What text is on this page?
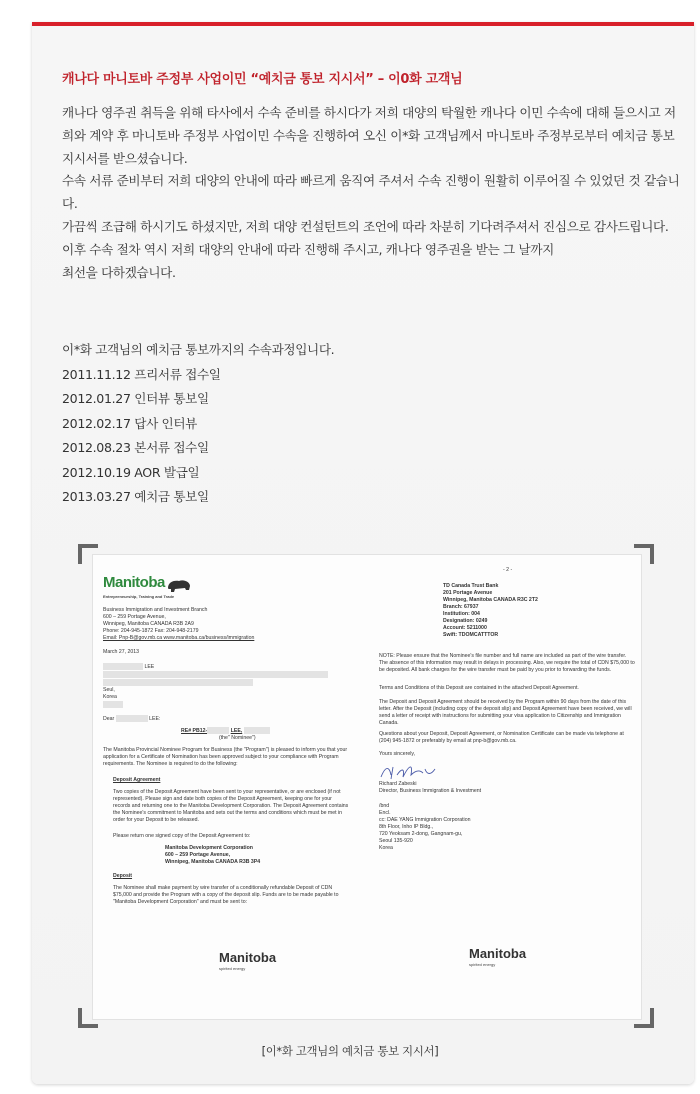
캐나다 마니토바 주정부 사업이민 “예치금 통보 지시서” – 이0화 고객님

캐나다 영주권 취득을 위해 타사에서 수속 준비를 하시다가 저희 대양의 탁월한 캐나다 이민 수속에 대해 들으시고 저희와 계약 후 마니토바 주정부 사업이민 수속을 진행하여 오신 이*화 고객님께서 마니토바 주정부로부터 예치금 통보 지시서를 받으셨습니다.

수속 서류 준비부터 저희 대양의 안내에 따라 빠르게 움직여 주셔서 수속 진행이 원활히 이루어질 수 있었던 것 같습니다.

가끔씩 조급해 하시기도 하셨지만, 저희 대양 컨설턴트의 조언에 따라 차분히 기다려주셔서 진심으로 감사드립니다.

이후 수속 절차 역시 저희 대양의 안내에 따라 진행해 주시고, 캐나다 영주권을 받는 그 날까지

최선을 다하겠습니다.

이*화 고객님의 예치금 통보까지의 수속과정입니다.
2011.11.12 프리서류 접수일
2012.01.27 인터뷰 통보일
2012.02.17 답사 인터뷰
2012.08.23 본서류 접수일
2012.10.19 AOR 발급일
2013.03.27 예치금 통보일
Manitoba
Entrepreneurship, Training and Trade
Business Immigration and Investment Branch
600 – 259 Portage Avenue,
Winnipeg, Manitoba CANADA R3B 2A9
Phone: 204-945-1872 Fax: 204-948-2179
Email: Pnp-B@gov.mb.ca www.manitoba.ca/business/immigration
March 27, 2013
LEE
Seul,
Korea
Dear	LEE:
RE# PB12-	LEE,
(the" Nominee")
The Manitoba Provincial Nominee Program for Business (the "Program") is pleased to inform you that your application for a Certificate of Nomination has been approved subject to your compliance with Program requirements. The Nominee is required to do the following:
Deposit Agreement
Two copies of the Deposit Agreement have been sent to your representative, or are enclosed (if not represented). Please sign and date both copies of the Deposit Agreement, keeping one for your records and returning one to the Manitoba Development Corporation. The Deposit Agreement contains the Nominee's commitment to Manitoba and sets out the terms and conditions which must be met in order for your Deposit to be released.
Please return one signed copy of the Deposit Agreement to:
Manitoba Development Corporation
600 – 259 Portage Avenue,
Winnipeg, Manitoba CANADA R3B 3P4
Deposit
The Nominee shall make payment by wire transfer of a conditionally refundable Deposit of CDN $75,000 and provide the Program with a copy of the deposit slip. Funds are to be made payable to "Manitoba Development Corporation" and must be sent to:
Manitoba
spirited energy
- 2 -
TD Canada Trust Bank
201 Portage Avenue
Winnipeg, Manitoba CANADA R3C 2T2
Branch: 67937
Institution: 004
Designation: 0249
Account: 5211000
Swift: TDOMCATTTOR
NOTE: Please ensure that the Nominee's file number and full name are included as part of the wire transfer. The absence of this information may result in delays in processing. Also, we require the total of CDN $75,000 to be deposited. All bank charges for the wire transfer must be paid by you prior to forwarding the funds.
Terms and Conditions of this Deposit are contained in the attached Deposit Agreement.
The Deposit and Deposit Agreement should be received by the Program within 90 days from the date of this letter. After the Deposit (including copy of the deposit slip) and Deposit Agreement have been received, we will send a letter of receipt with instructions for submitting your visa application to Citizenship and Immigration Canada.
Questions about your Deposit, Deposit Agreement, or Nomination Certificate can be made via telephone at (204) 945-1872 or preferably by email at pnp-b@gov.mb.ca.
Yours sincerely,
Richard Zabeski
Director, Business Immigration & Investment
/bnd
Encl.
cc: DAE YANG Immigration Corporation
8th Floor, Inho IP Bldg.,
720 Yeoksam 2-dong, Gangnam-gu,
Seoul 135-920
Korea
Manitoba
spirited energy
[이*화 고객님의 예치금 통보 지시서]
